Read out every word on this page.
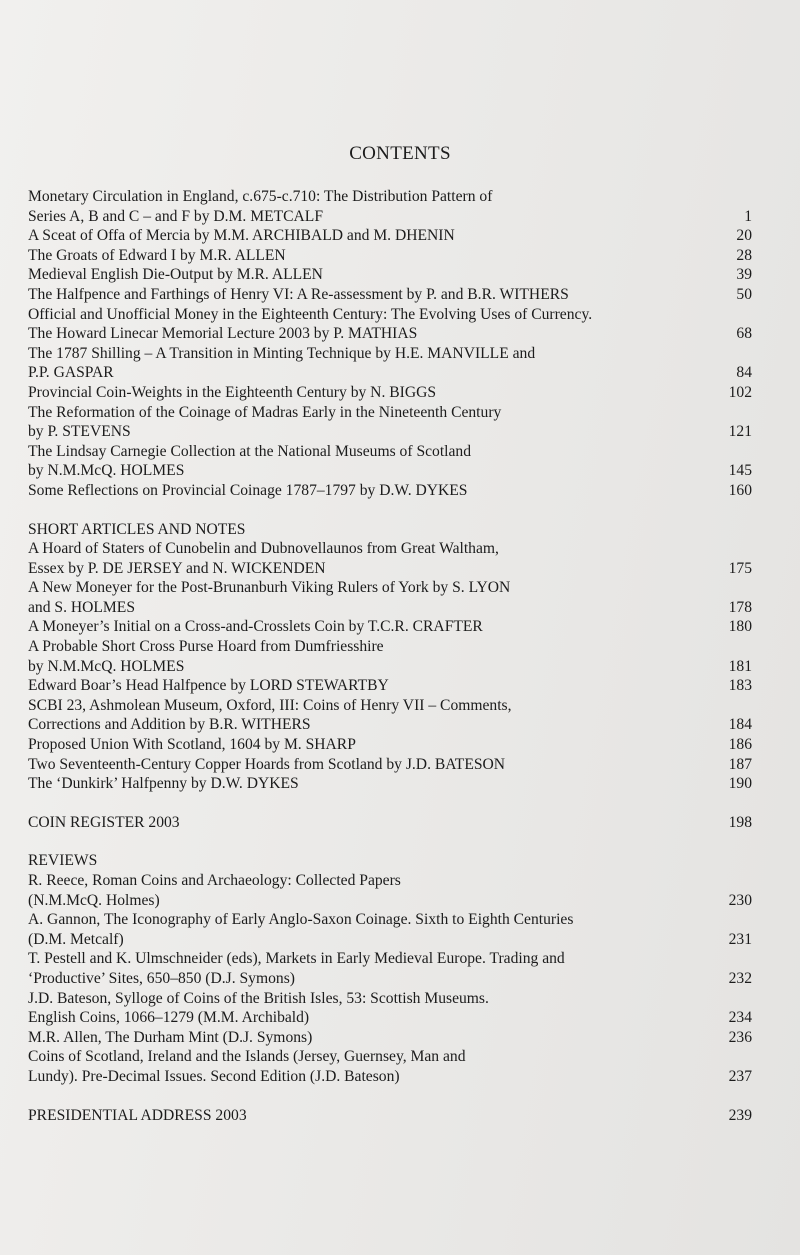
CONTENTS
Monetary Circulation in England, c.675-c.710: The Distribution Pattern of
Series A, B and C – and F by D.M. METCALF	1
A Sceat of Offa of Mercia by M.M. ARCHIBALD and M. DHENIN	20
The Groats of Edward I by M.R. ALLEN	28
Medieval English Die-Output by M.R. ALLEN	39
The Halfpence and Farthings of Henry VI: A Re-assessment by P. and B.R. WITHERS	50
Official and Unofficial Money in the Eighteenth Century: The Evolving Uses of Currency.
The Howard Linecar Memorial Lecture 2003 by P. MATHIAS	68
The 1787 Shilling – A Transition in Minting Technique by H.E. MANVILLE and
P.P. GASPAR	84
Provincial Coin-Weights in the Eighteenth Century by N. BIGGS	102
The Reformation of the Coinage of Madras Early in the Nineteenth Century
by P. STEVENS	121
The Lindsay Carnegie Collection at the National Museums of Scotland
by N.M.McQ. HOLMES	145
Some Reflections on Provincial Coinage 1787–1797 by D.W. DYKES	160
SHORT ARTICLES AND NOTES
A Hoard of Staters of Cunobelin and Dubnovellaunos from Great Waltham,
Essex by P. DE JERSEY and N. WICKENDEN	175
A New Moneyer for the Post-Brunanburh Viking Rulers of York by S. LYON
and S. HOLMES	178
A Moneyer’s Initial on a Cross-and-Crosslets Coin by T.C.R. CRAFTER	180
A Probable Short Cross Purse Hoard from Dumfriesshire
by N.M.McQ. HOLMES	181
Edward Boar’s Head Halfpence by LORD STEWARTBY	183
SCBI 23, Ashmolean Museum, Oxford, III: Coins of Henry VII – Comments,
Corrections and Addition by B.R. WITHERS	184
Proposed Union With Scotland, 1604 by M. SHARP	186
Two Seventeenth-Century Copper Hoards from Scotland by J.D. BATESON	187
The ‘Dunkirk’ Halfpenny by D.W. DYKES	190
COIN REGISTER 2003	198
REVIEWS
R. Reece, Roman Coins and Archaeology: Collected Papers
(N.M.McQ. Holmes)	230
A. Gannon, The Iconography of Early Anglo-Saxon Coinage. Sixth to Eighth Centuries
(D.M. Metcalf)	231
T. Pestell and K. Ulmschneider (eds), Markets in Early Medieval Europe. Trading and
‘Productive’ Sites, 650–850 (D.J. Symons)	232
J.D. Bateson, Sylloge of Coins of the British Isles, 53: Scottish Museums.
English Coins, 1066–1279 (M.M. Archibald)	234
M.R. Allen, The Durham Mint (D.J. Symons)	236
Coins of Scotland, Ireland and the Islands (Jersey, Guernsey, Man and
Lundy). Pre-Decimal Issues. Second Edition (J.D. Bateson)	237
PRESIDENTIAL ADDRESS 2003	239
